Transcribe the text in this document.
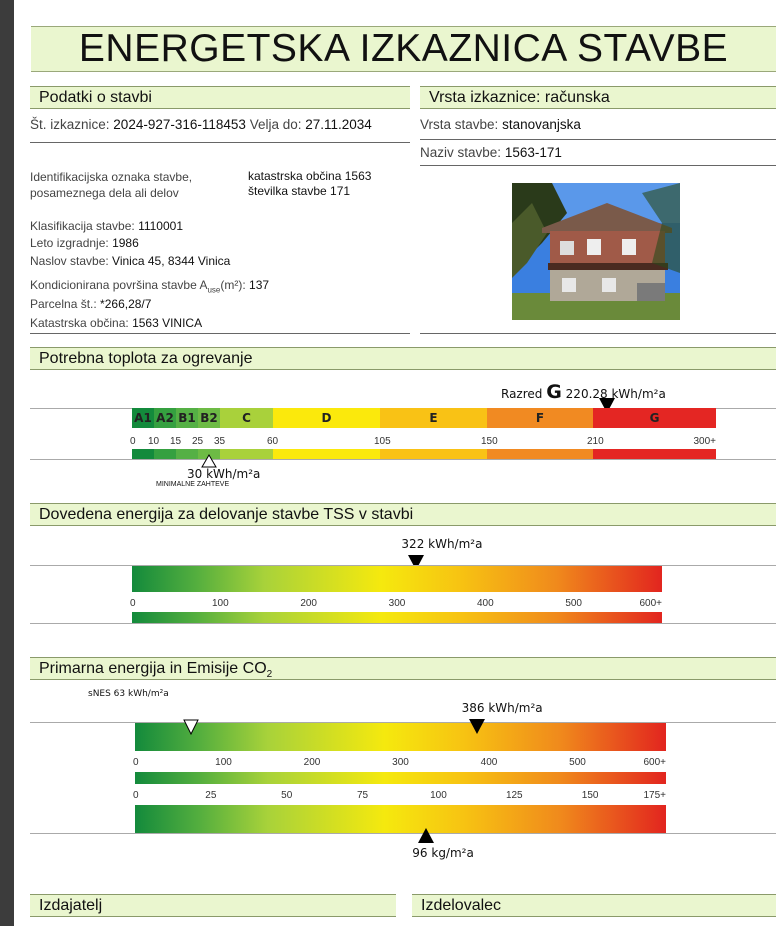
ENERGETSKA IZKAZNICA STAVBE
Podatki o stavbi
Št. izkaznice: 2024-927-316-118453 Velja do: 27.11.2034
Identifikacijska oznaka stavbe,
posameznega dela ali delov
katastrska občina 1563
številka stavbe 171
Klasifikacija stavbe: 1110001
Leto izgradnje: 1986
Naslov stavbe: Vinica 45, 8344 Vinica
Kondicionirana površina stavbe $A_{use}(m^2)$: 137
Parcelna št.: *266,28/7
Katastrska občina: 1563 VINICA
Vrsta izkaznice: računska
Vrsta stavbe: stanovanjska
Naziv stavbe: 1563-171
Potrebna toplota za ogrevanje
Razred G 220.28 kWh/m²a
A1 A2 B1 B2	C	D	E	F	G
0 10 15 25 35	60	105	150	210	300+
30 kWh/m²a
MINIMALNE ZAHTEVE
Dovedena energija za delovanje stavbe TSS v stavbi
322 kWh/m²a
0	100	200	300	400	500	600+
Primarna energija in Emisije $CO_2$
sNES 63 kWh/m²a
386 kWh/m²a
0	100	200	300	400	500	600+
0	25	50	75	100	125	150	175+
96 kg/m²a
Izdajatelj	Izdelovalec
